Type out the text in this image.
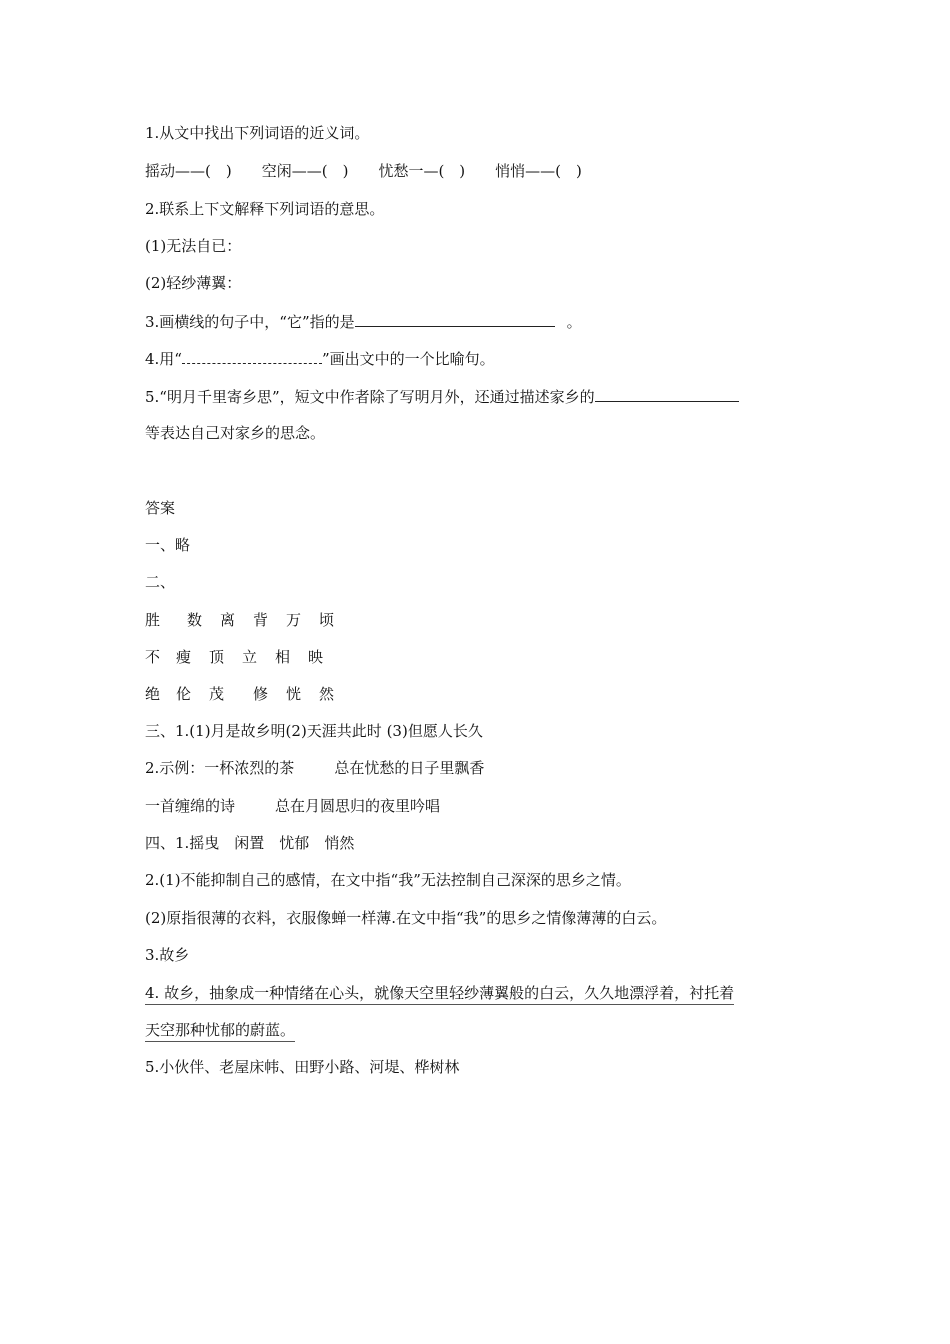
1.从文中找出下列词语的近义词。
摇动——(　) 空闲——(　) 忧愁一—(　) 悄悄——(　)
2.联系上下文解释下列词语的意思。
(1)无法自已：
(2)轻纱薄翼：
3.画横线的句子中，“它”指的是	。
4.用“	”画出文中的一个比喻句。
5.“明月千里寄乡思”，短文中作者除了写明月外，还通过描述家乡的
等表达自己对家乡的思念。
答案
一、略
二、
胜 数 离 背 万 顷
不 瘦 顶 立 相 映
绝 伦 茂 修 恍 然
三、1.(1)月是故乡明(2)天涯共此时 (3)但愿人长久
2.示例：一杯浓烈的茶	总在忧愁的日子里飘香
一首缠绵的诗	总在月圆思归的夜里吟唱
四、1.摇曳　闲置　忧郁　悄然
2.(1)不能抑制自己的感情，在文中指“我”无法控制自己深深的思乡之情。
(2)原指很薄的衣料，衣服像蝉一样薄.在文中指“我”的思乡之情像薄薄的白云。
3.故乡
4. 故乡，抽象成一种情绪在心头，就像天空里轻纱薄翼般的白云，久久地漂浮着，衬托着
天空那种忧郁的蔚蓝。
5.小伙伴、老屋床帏、田野小路、河堤、桦树林
